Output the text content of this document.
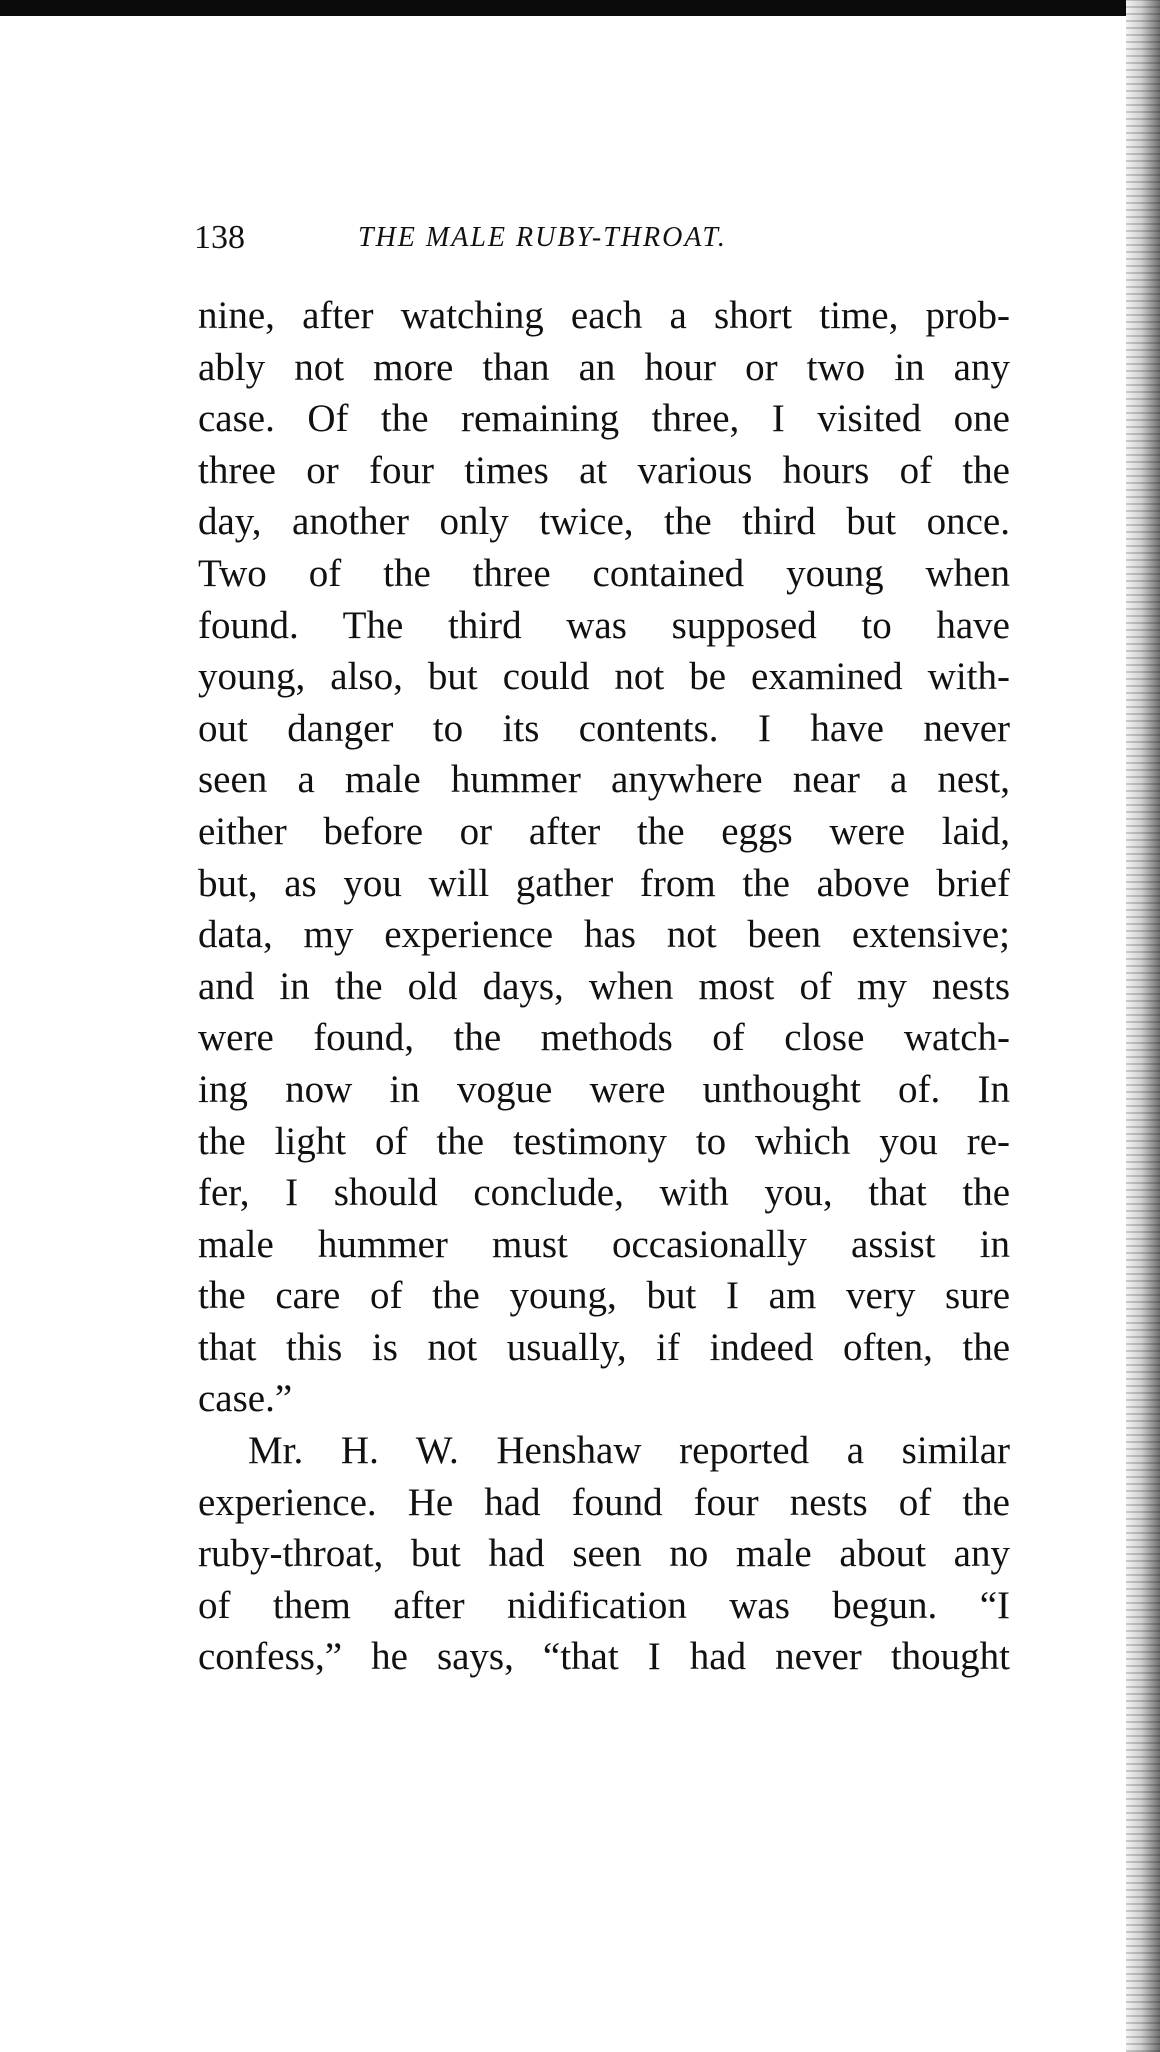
138	THE MALE RUBY-THROAT.
nine, after watching each a short time, prob-
ably not more than an hour or two in any
case. Of the remaining three, I visited one
three or four times at various hours of the
day, another only twice, the third but once.
Two of the three contained young when
found. The third was supposed to have
young, also, but could not be examined with-
out danger to its contents. I have never
seen a male hummer anywhere near a nest,
either before or after the eggs were laid,
but, as you will gather from the above brief
data, my experience has not been extensive;
and in the old days, when most of my nests
were found, the methods of close watch-
ing now in vogue were unthought of. In
the light of the testimony to which you re-
fer, I should conclude, with you, that the
male hummer must occasionally assist in
the care of the young, but I am very sure
that this is not usually, if indeed often, the
case.”
Mr. H. W. Henshaw reported a similar
experience. He had found four nests of the
ruby-throat, but had seen no male about any
of them after nidification was begun. “I
confess,” he says, “that I had never thought
